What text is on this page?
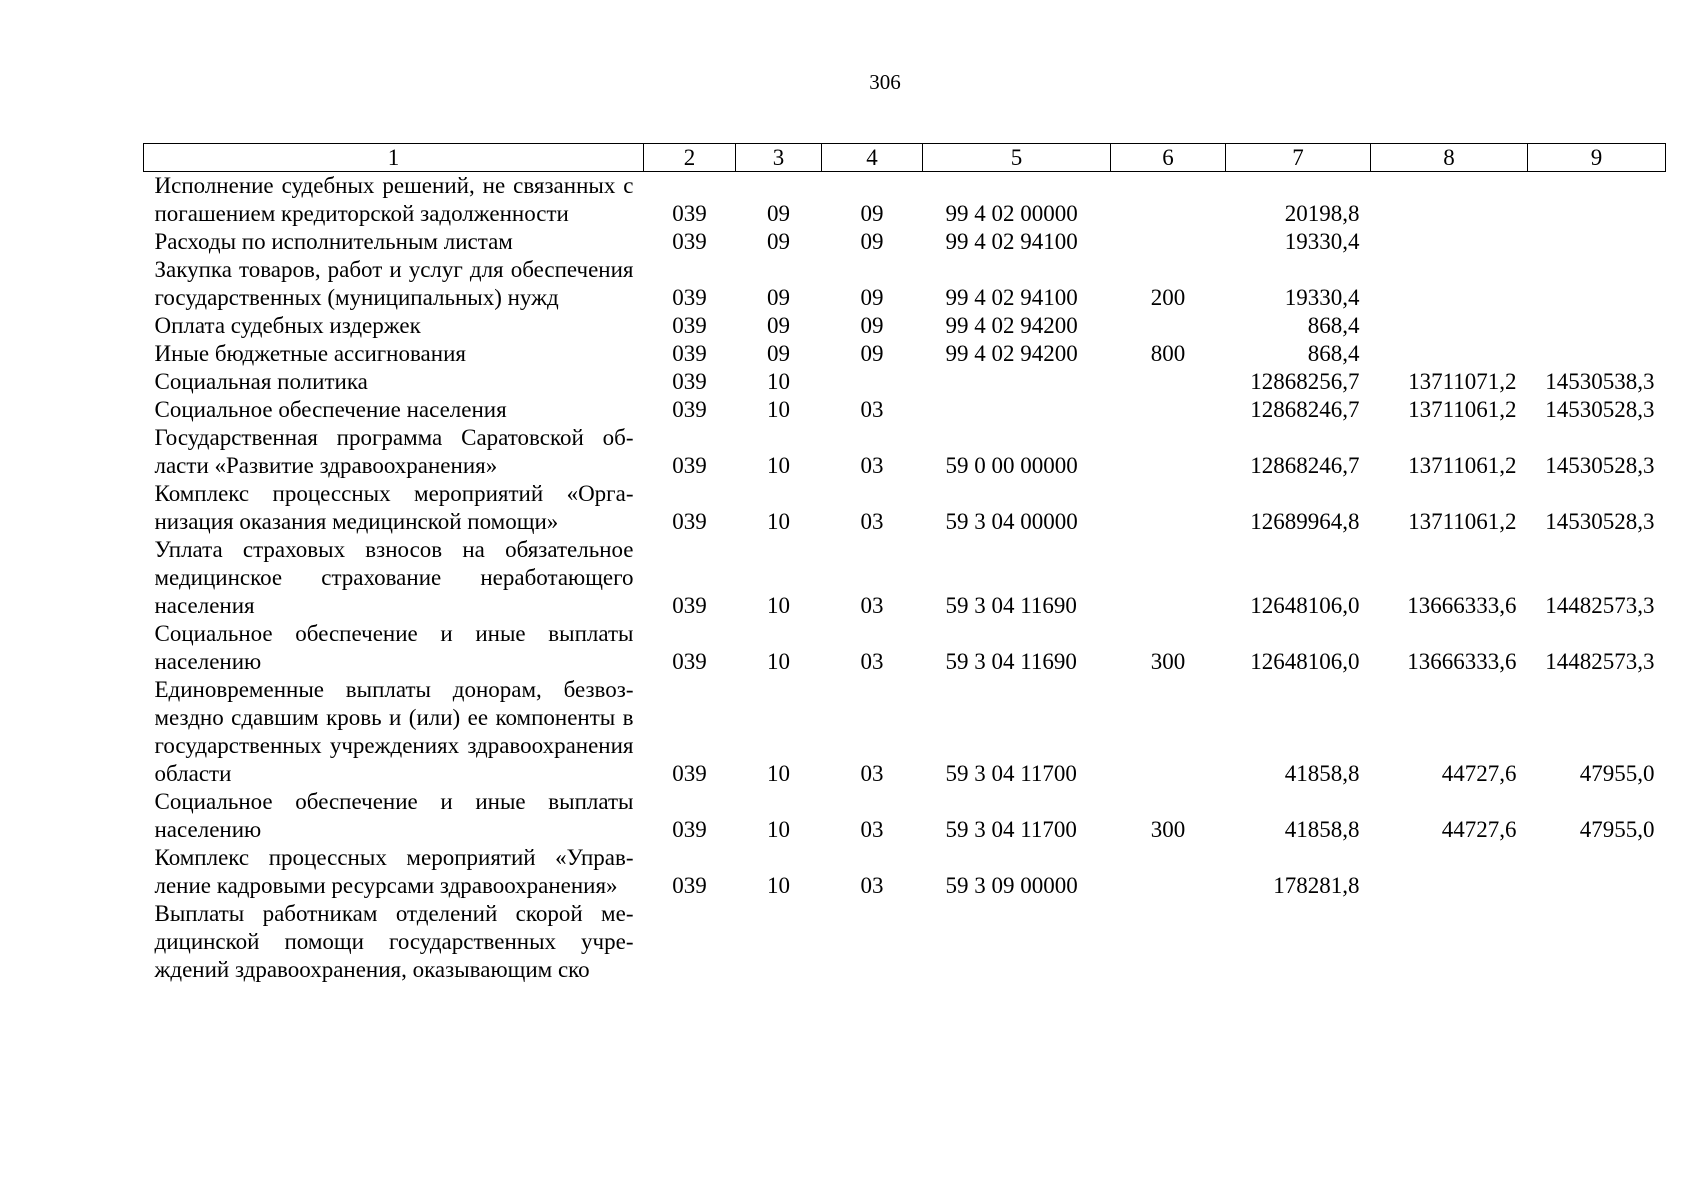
306
1	2	3	4	5	6	7	8	9
Исполнение судебных решений, не связанных с погашением кредиторской задолженности	039	09	09	99 4 02 00000		20198,8		
Расходы по исполнительным листам	039	09	09	99 4 02 94100		19330,4		
Закупка товаров, работ и услуг для обеспечения государственных (муниципальных) нужд	039	09	09	99 4 02 94100	200	19330,4		
Оплата судебных издержек	039	09	09	99 4 02 94200		868,4		
Иные бюджетные ассигнования	039	09	09	99 4 02 94200	800	868,4		
Социальная политика	039	10				12868256,7	13711071,2	14530538,3
Социальное обеспечение населения	039	10	03			12868246,7	13711061,2	14530528,3
Государственная программа Саратовской области «Развитие здравоохранения»	039	10	03	59 0 00 00000		12868246,7	13711061,2	14530528,3
Комплекс процессных мероприятий «Организация оказания медицинской помощи»	039	10	03	59 3 04 00000		12689964,8	13711061,2	14530528,3
Уплата страховых взносов на обязательное медицинское страхование неработающего населения	039	10	03	59 3 04 11690		12648106,0	13666333,6	14482573,3
Социальное обеспечение и иные выплаты населению	039	10	03	59 3 04 11690	300	12648106,0	13666333,6	14482573,3
Единовременные выплаты донорам, безвозмездно сдавшим кровь и (или) ее компоненты в государственных учреждениях здравоохранения области	039	10	03	59 3 04 11700		41858,8	44727,6	47955,0
Социальное обеспечение и иные выплаты населению	039	10	03	59 3 04 11700	300	41858,8	44727,6	47955,0
Комплекс процессных мероприятий «Управление кадровыми ресурсами здравоохранения»	039	10	03	59 3 09 00000		178281,8		
Выплаты работникам отделений скорой медицинской помощи государственных учреждений здравоохранения, оказывающим ско								
